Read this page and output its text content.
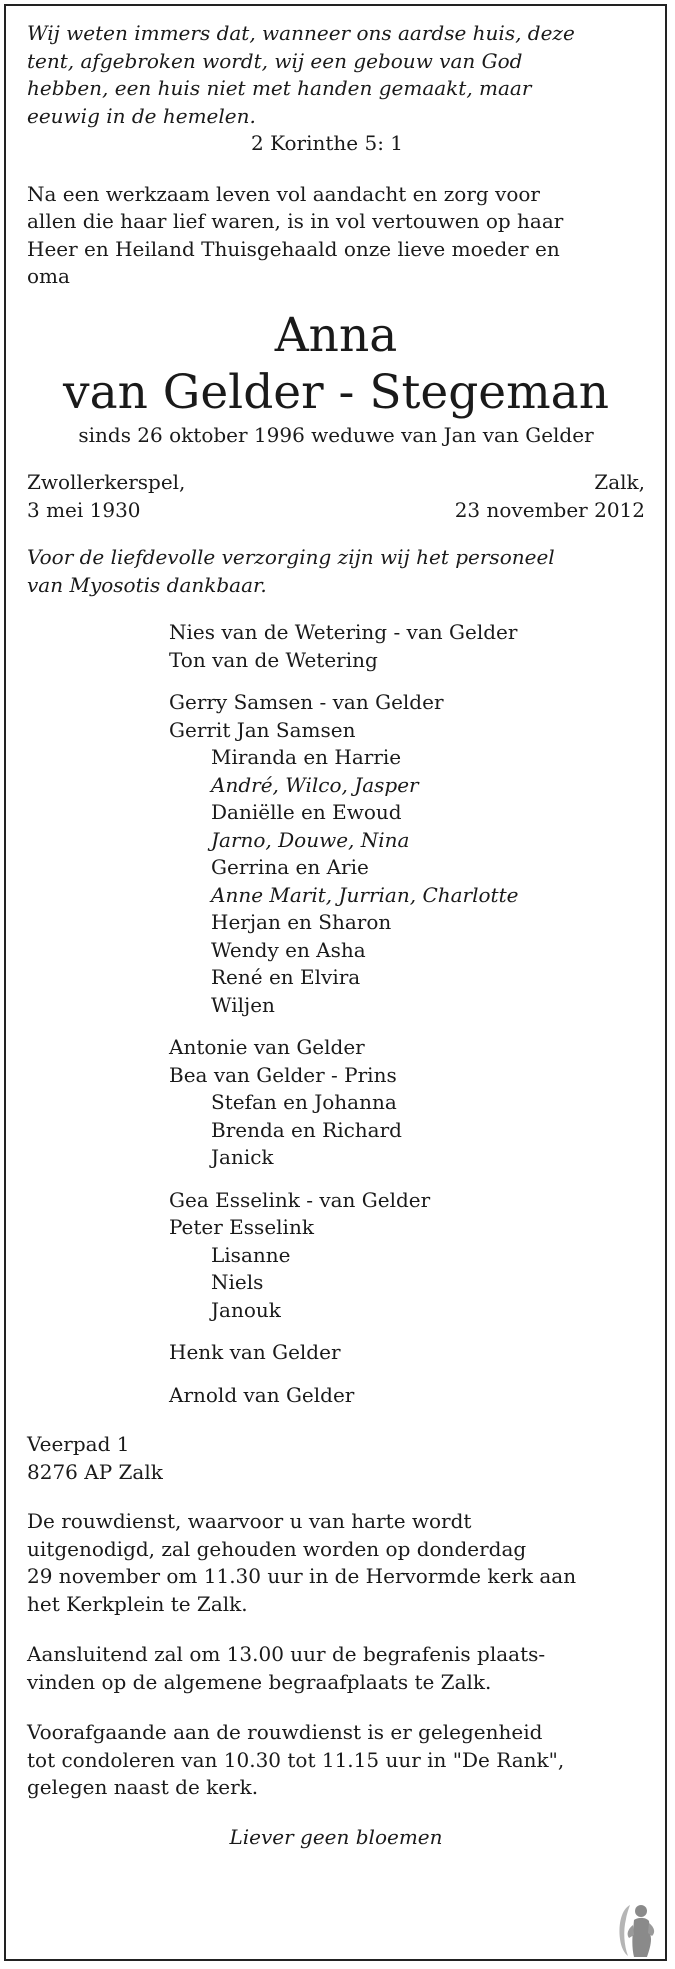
Wij weten immers dat, wanneer ons aardse huis, deze
tent, afgebroken wordt, wij een gebouw van God
hebben, een huis niet met handen gemaakt, maar
eeuwig in de hemelen.
2 Korinthe 5: 1
Na een werkzaam leven vol aandacht en zorg voor
allen die haar lief waren, is in vol vertouwen op haar
Heer en Heiland Thuisgehaald onze lieve moeder en
oma
Anna
van Gelder - Stegeman
sinds 26 oktober 1996 weduwe van Jan van Gelder
Zwollerkerspel,
3 mei 1930
Zalk,
23 november 2012
Voor de liefdevolle verzorging zijn wij het personeel
van Myosotis dankbaar.
Nies van de Wetering - van Gelder
Ton van de Wetering
Gerry Samsen - van Gelder
Gerrit Jan Samsen
Miranda en Harrie
André, Wilco, Jasper
Daniëlle en Ewoud
Jarno, Douwe, Nina
Gerrina en Arie
Anne Marit, Jurrian, Charlotte
Herjan en Sharon
Wendy en Asha
René en Elvira
Wiljen
Antonie van Gelder
Bea van Gelder - Prins
Stefan en Johanna
Brenda en Richard
Janick
Gea Esselink - van Gelder
Peter Esselink
Lisanne
Niels
Janouk
Henk van Gelder
Arnold van Gelder
Veerpad 1
8276 AP Zalk
De rouwdienst, waarvoor u van harte wordt
uitgenodigd, zal gehouden worden op donderdag
29 november om 11.30 uur in de Hervormde kerk aan
het Kerkplein te Zalk.
Aansluitend zal om 13.00 uur de begrafenis plaats-
vinden op de algemene begraafplaats te Zalk.
Voorafgaande aan de rouwdienst is er gelegenheid
tot condoleren van 10.30 tot 11.15 uur in "De Rank",
gelegen naast de kerk.
Liever geen bloemen
